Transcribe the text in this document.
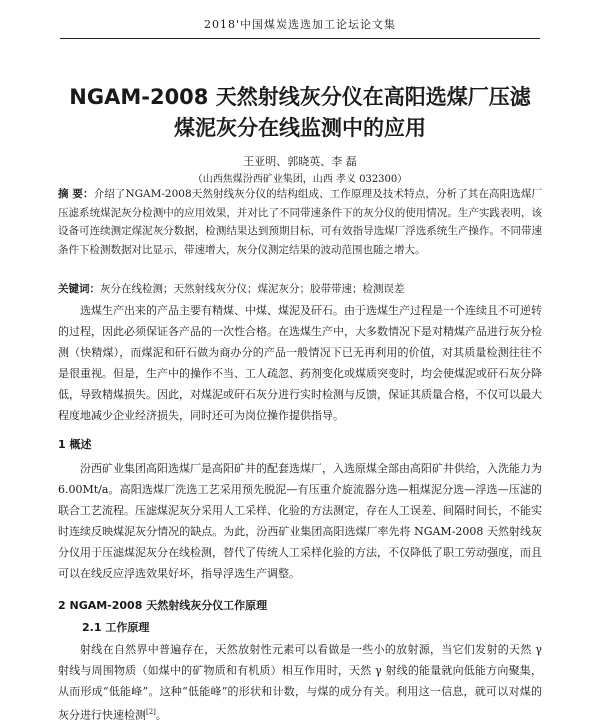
2018'中国煤炭选选加工论坛论文集
NGAM-2008 天然射线灰分仪在高阳选煤厂压滤
煤泥灰分在线监测中的应用
王亚明、郭晓英、李 磊
（山西焦煤汾西矿业集团，山西 孝义 032300）
摘 要：介绍了NGAM-2008天然射线灰分仪的结构组成、工作原理及技术特点，分析了其在高阳选煤厂压滤系统煤泥灰分检测中的应用效果，并对比了不同带速条件下的灰分仪的使用情况。生产实践表明，该设备可连续测定煤泥灰分数据，检测结果达到预期目标，可有效指导选煤厂浮选系统生产操作。不同带速条件下检测数据对比显示，带速增大，灰分仪测定结果的波动范围也随之增大。
关键词：灰分在线检测；天然射线灰分仪；煤泥灰分；胶带带速；检测误差
选煤生产出来的产品主要有精煤、中煤、煤泥及矸石。由于选煤生产过程是一个连续且不可逆转的过程，因此必须保证各产品的一次性合格。在选煤生产中，大多数情况下是对精煤产品进行灰分检测（快精煤），而煤泥和矸石做为商办分的产品一般情况下已无再利用的价值，对其质量检测往往不是很重视。但是，生产中的操作不当、工人疏忽、药剂变化或煤质突变时，均会使煤泥或矸石灰分降低，导致精煤损失。因此，对煤泥或矸石灰分进行实时检测与反馈，保证其质量合格，不仅可以最大程度地减少企业经济损失，同时还可为岗位操作提供指导。
1 概述
汾西矿业集团高阳选煤厂是高阳矿井的配套选煤厂，入选原煤全部由高阳矿井供给，入洗能力为 6.00Mt/a。高阳选煤厂洗选工艺采用预先脱泥—有压重介旋流器分选—粗煤泥分选—浮选—压滤的联合工艺流程。压滤煤泥灰分采用人工采样、化验的方法测定，存在人工误差、间隔时间长，不能实时连续反映煤泥灰分情况的缺点。为此，汾西矿业集团高阳选煤厂率先将 NGAM-2008 天然射线灰分仪用于压滤煤泥灰分在线检测，替代了传统人工采样化验的方法，不仅降低了职工劳动强度，而且可以在线反应浮选效果好坏，指导浮选生产调整。
2 NGAM-2008 天然射线灰分仪工作原理
2.1 工作原理
射线在自然界中普遍存在，天然放射性元素可以看做是一些小的放射源，当它们发射的天然 γ 射线与周围物质（如煤中的矿物质和有机质）相互作用时，天然 γ 射线的能量就向低能方向聚集，从而形成“低能峰”。这种“低能峰”的形状和计数，与煤的成分有关。利用这一信息，就可以对煤的灰分进行快速检测[2]。
